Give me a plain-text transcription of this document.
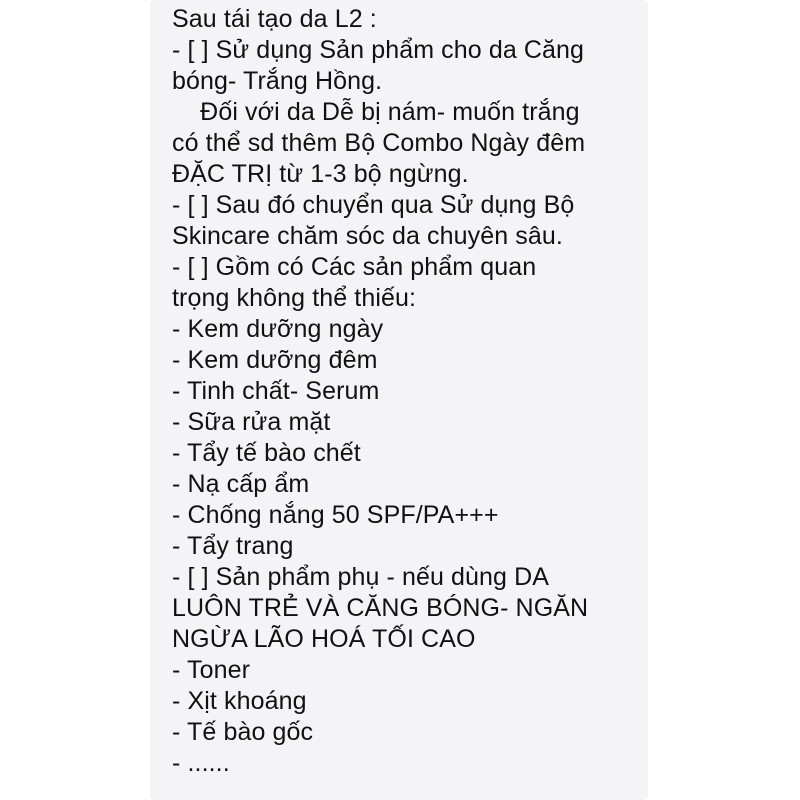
Sau tái tạo da L2 :
- [ ] Sử dụng Sản phẩm cho da Căng
bóng- Trắng Hồng.
Đối với da Dễ bị nám- muốn trắng
có thể sd thêm Bộ Combo Ngày đêm
ĐẶC TRỊ từ 1-3 bộ ngừng.
- [ ] Sau đó chuyển qua Sử dụng Bộ
Skincare chăm sóc da chuyên sâu.
- [ ] Gồm có Các sản phẩm quan
trọng không thể thiếu:
- Kem dưỡng ngày
- Kem dưỡng đêm
- Tinh chất- Serum
- Sữa rửa mặt
- Tẩy tế bào chết
- Nạ cấp ẩm
- Chống nắng 50 SPF/PA+++
- Tẩy trang
- [ ] Sản phẩm phụ - nếu dùng DA
LUÔN TRẺ VÀ CĂNG BÓNG- NGĂN
NGỪA LÃO HOÁ TỐI CAO
- Toner
- Xịt khoáng
- Tế bào gốc
- ......
